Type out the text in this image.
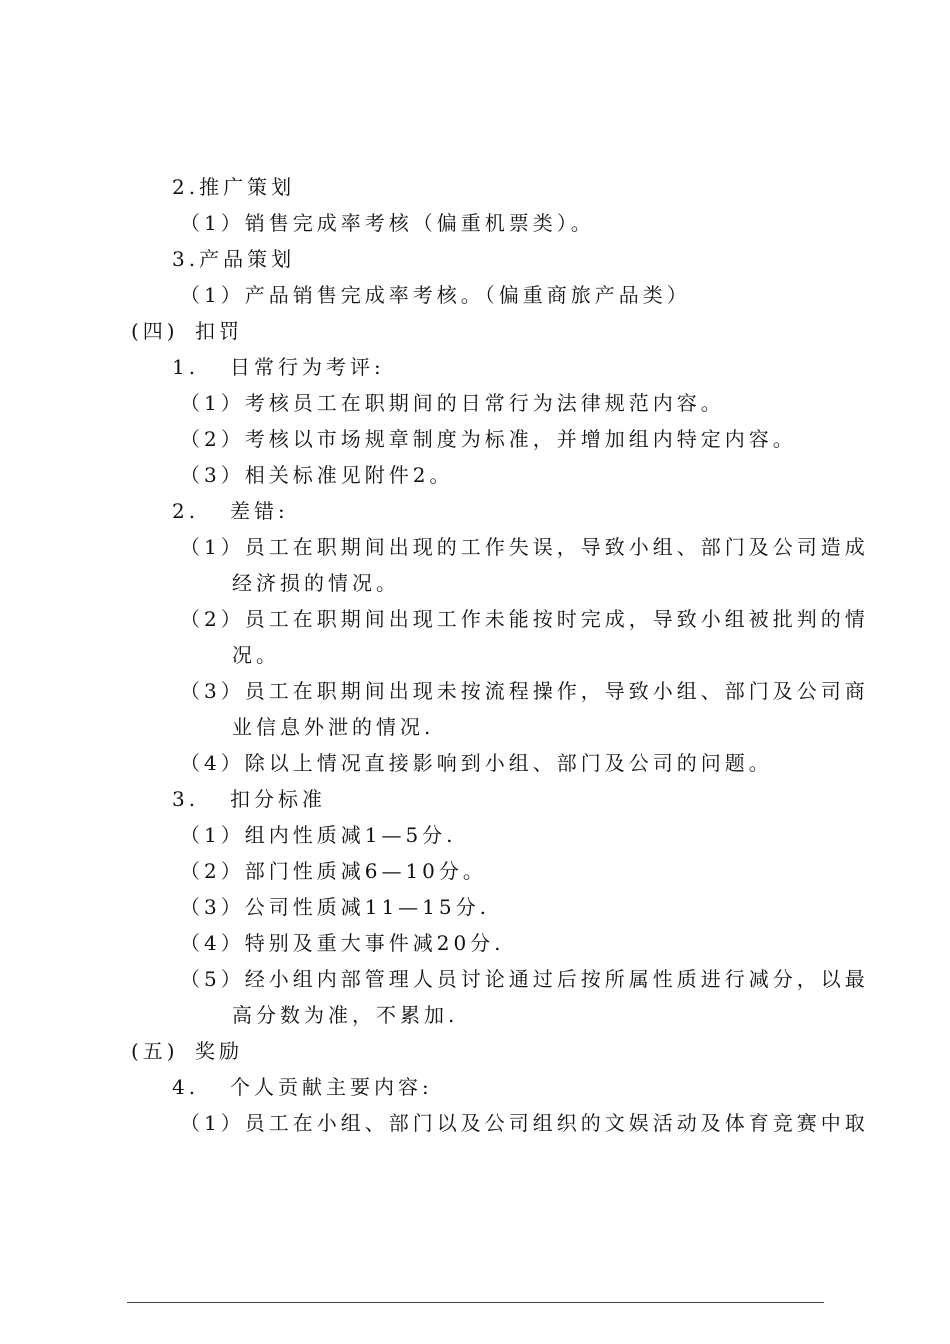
2.推广策划
（1）销售完成率考核（偏重机票类）。
3.产品策划
（1）产品销售完成率考核。（偏重商旅产品类）
(四) 扣罚
1. 日常行为考评:
（1）考核员工在职期间的日常行为法律规范内容。
（2）考核以市场规章制度为标准，并增加组内特定内容。
（3）相关标准见附件2。
2. 差错:
（1）员工在职期间出现的工作失误，导致小组、部门及公司造成
经济损的情况。
（2）员工在职期间出现工作未能按时完成，导致小组被批判的情
况。
（3）员工在职期间出现未按流程操作，导致小组、部门及公司商
业信息外泄的情况.
（4）除以上情况直接影响到小组、部门及公司的问题。
3. 扣分标准
（1）组内性质减1—5分.
（2）部门性质减6—10分。
（3）公司性质减11—15分.
（4）特别及重大事件减20分.
（5）经小组内部管理人员讨论通过后按所属性质进行减分，以最
高分数为准，不累加.
(五) 奖励
4. 个人贡献主要内容:
（1）员工在小组、部门以及公司组织的文娱活动及体育竞赛中取
